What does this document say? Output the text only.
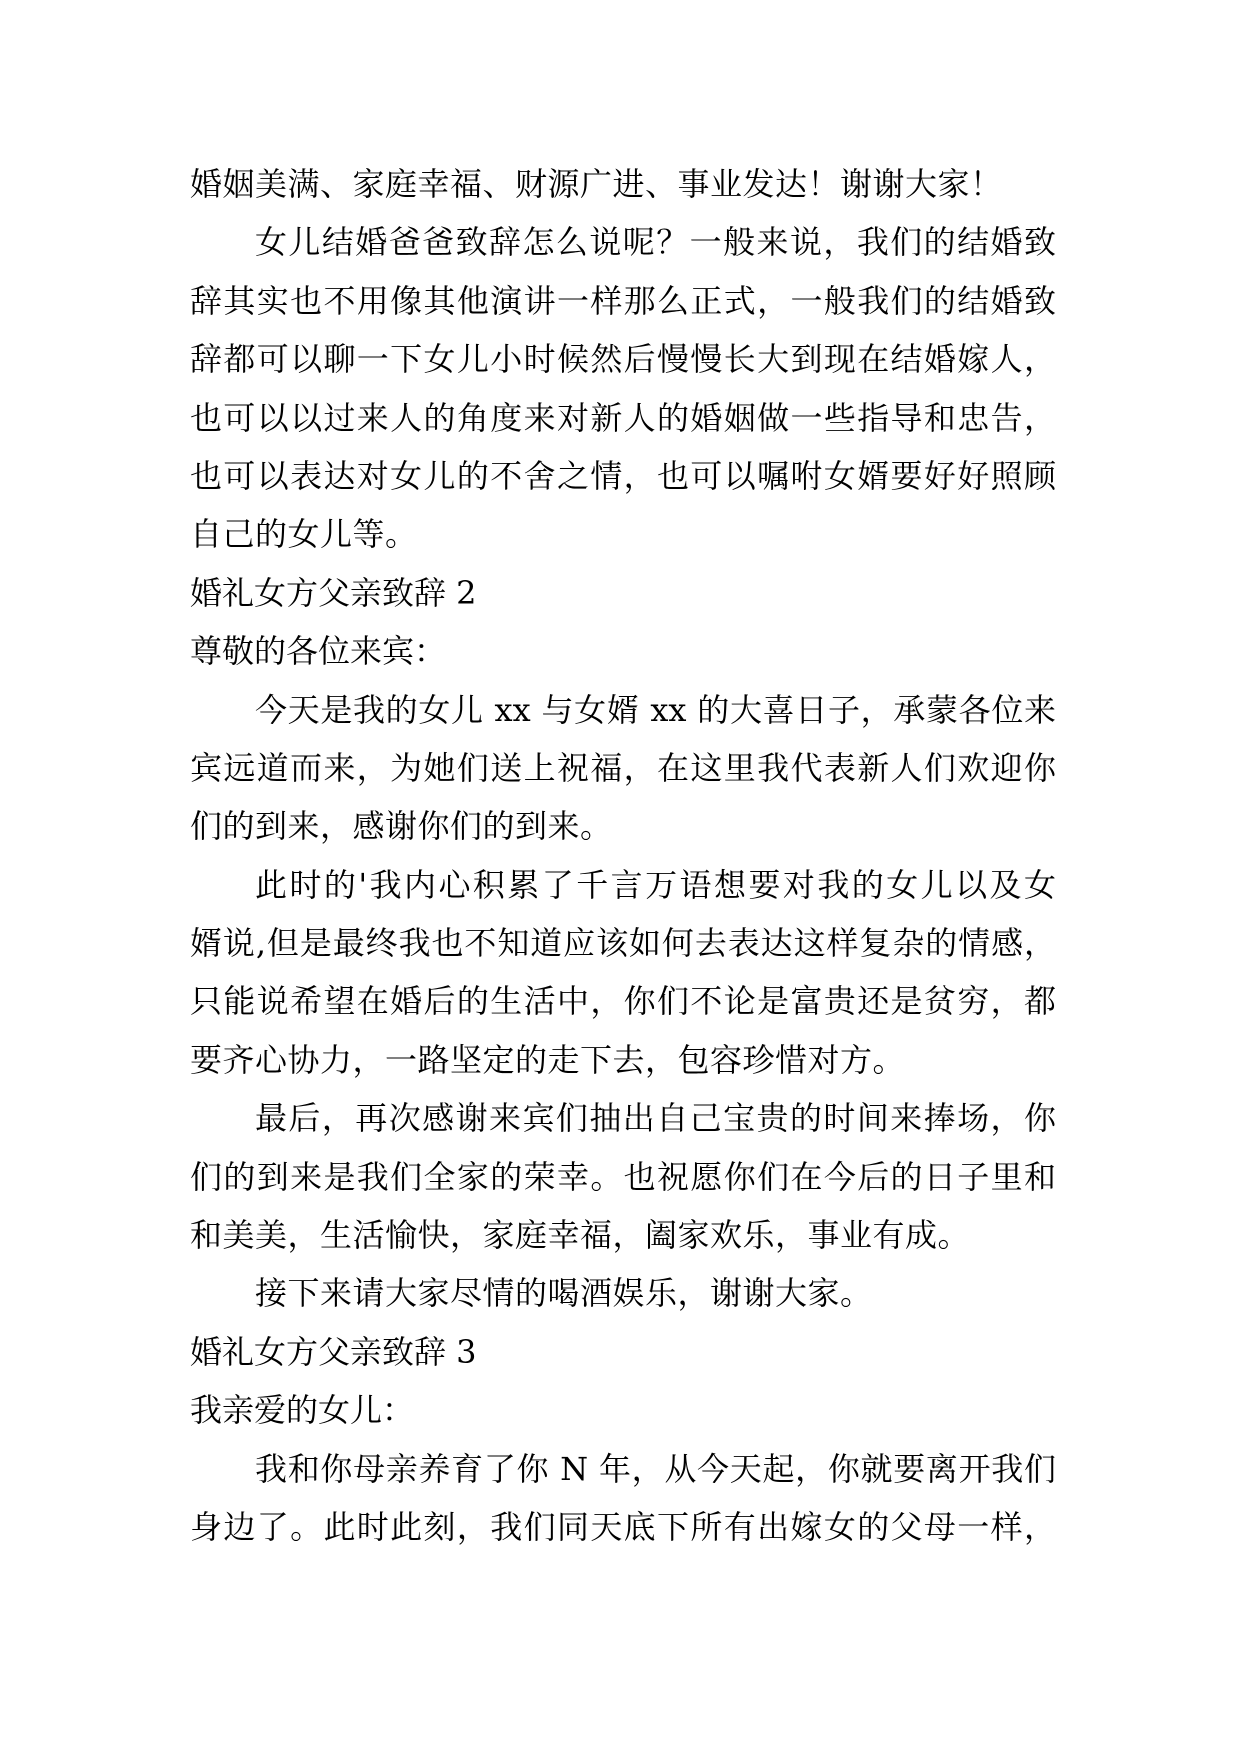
婚姻美满、家庭幸福、财源广进、事业发达！谢谢大家！
女儿结婚爸爸致辞怎么说呢？一般来说，我们的结婚致
辞其实也不用像其他演讲一样那么正式，一般我们的结婚致
辞都可以聊一下女儿小时候然后慢慢长大到现在结婚嫁人，
也可以以过来人的角度来对新人的婚姻做一些指导和忠告，
也可以表达对女儿的不舍之情，也可以嘱咐女婿要好好照顾
自己的女儿等。
婚礼女方父亲致辞 2
尊敬的各位来宾：
今天是我的女儿 xx 与女婿 xx 的大喜日子，承蒙各位来
宾远道而来，为她们送上祝福，在这里我代表新人们欢迎你
们的到来，感谢你们的到来。
此时的'我内心积累了千言万语想要对我的女儿以及女
婿说,但是最终我也不知道应该如何去表达这样复杂的情感，
只能说希望在婚后的生活中，你们不论是富贵还是贫穷，都
要齐心协力，一路坚定的走下去，包容珍惜对方。
最后，再次感谢来宾们抽出自己宝贵的时间来捧场，你
们的到来是我们全家的荣幸。也祝愿你们在今后的日子里和
和美美，生活愉快，家庭幸福，阖家欢乐，事业有成。
接下来请大家尽情的喝酒娱乐，谢谢大家。
婚礼女方父亲致辞 3
我亲爱的女儿：
我和你母亲养育了你 N 年，从今天起，你就要离开我们
身边了。此时此刻，我们同天底下所有出嫁女的父母一样，
